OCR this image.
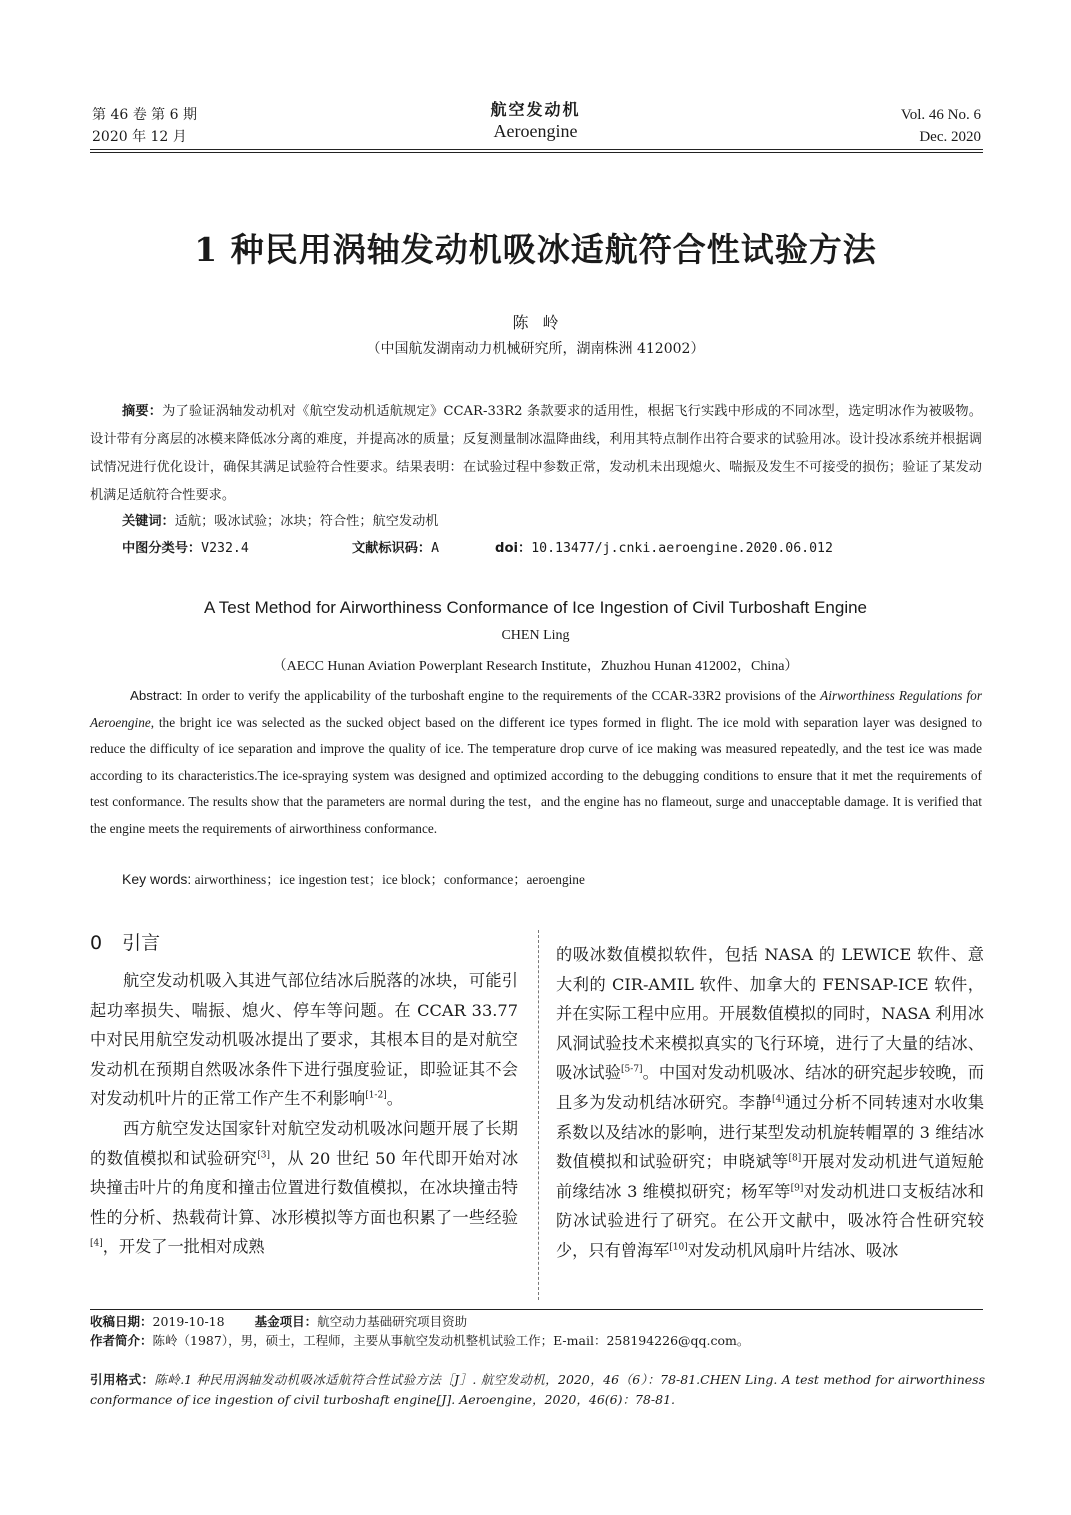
第 46 卷 第 6 期
2020 年 12 月
航空发动机
Aeroengine
Vol. 46 No. 6
Dec. 2020
1 种民用涡轴发动机吸冰适航符合性试验方法
陈岭
（中国航发湖南动力机械研究所，湖南株洲 412002）
摘要：为了验证涡轴发动机对《航空发动机适航规定》CCAR-33R2 条款要求的适用性，根据飞行实践中形成的不同冰型，选定明冰作为被吸物。设计带有分离层的冰模来降低冰分离的难度，并提高冰的质量；反复测量制冰温降曲线，利用其特点制作出符合要求的试验用冰。设计投冰系统并根据调试情况进行优化设计，确保其满足试验符合性要求。结果表明：在试验过程中参数正常，发动机未出现熄火、喘振及发生不可接受的损伤；验证了某发动机满足适航符合性要求。
关键词：适航；吸冰试验；冰块；符合性；航空发动机
中图分类号：V232.4	文献标识码：A	doi：10.13477/j.cnki.aeroengine.2020.06.012
A Test Method for Airworthiness Conformance of Ice Ingestion of Civil Turboshaft Engine
CHEN Ling
（AECC Hunan Aviation Powerplant Research Institute，Zhuzhou Hunan 412002，China）
Abstract: In order to verify the applicability of the turboshaft engine to the requirements of the CCAR-33R2 provisions of the Airworthiness Regulations for Aeroengine, the bright ice was selected as the sucked object based on the different ice types formed in flight. The ice mold with separation layer was designed to reduce the difficulty of ice separation and improve the quality of ice. The temperature drop curve of ice making was measured repeatedly, and the test ice was made according to its characteristics.The ice-spraying system was designed and optimized according to the debugging conditions to ensure that it met the requirements of test conformance. The results show that the parameters are normal during the test，and the engine has no flameout, surge and unacceptable damage. It is verified that the engine meets the requirements of airworthiness conformance.
Key words: airworthiness；ice ingestion test；ice block；conformance；aeroengine
0 引言

航空发动机吸入其进气部位结冰后脱落的冰块，可能引起功率损失、喘振、熄火、停车等问题。在 CCAR 33.77 中对民用航空发动机吸冰提出了要求，其根本目的是对航空发动机在预期自然吸冰条件下进行强度验证，即验证其不会对发动机叶片的正常工作产生不利影响[1-2]。

西方航空发达国家针对航空发动机吸冰问题开展了长期的数值模拟和试验研究[3]，从 20 世纪 50 年代即开始对冰块撞击叶片的角度和撞击位置进行数值模拟，在冰块撞击特性的分析、热载荷计算、冰形模拟等方面也积累了一些经验[4]，开发了一批相对成熟

的吸冰数值模拟软件，包括 NASA 的 LEWICE 软件、意大利的 CIR-AMIL 软件、加拿大的 FENSAP-ICE 软件，并在实际工程中应用。开展数值模拟的同时，NASA 利用冰风洞试验技术来模拟真实的飞行环境，进行了大量的结冰、吸冰试验[5-7]。中国对发动机吸冰、结冰的研究起步较晚，而且多为发动机结冰研究。李静[4]通过分析不同转速对水收集系数以及结冰的影响，进行某型发动机旋转帽罩的 3 维结冰数值模拟和试验研究；申晓斌等[8]开展对发动机进气道短舱前缘结冰 3 维模拟研究；杨军等[9]对发动机进口支板结冰和防冰试验进行了研究。在公开文献中，吸冰符合性研究较少，只有曾海军[10]对发动机风扇叶片结冰、吸冰

收稿日期：2019-10-18 基金项目：航空动力基础研究项目资助
作者简介：陈岭（1987），男，硕士，工程师，主要从事航空发动机整机试验工作；E-mail：258194226@qq.com。
引用格式：陈岭.1 种民用涡轴发动机吸冰适航符合性试验方法［J］. 航空发动机，2020，46（6）：78-81.CHEN Ling. A test method for airworthiness conformance of ice ingestion of civil turboshaft engine[J]. Aeroengine，2020，46(6)：78-81.
